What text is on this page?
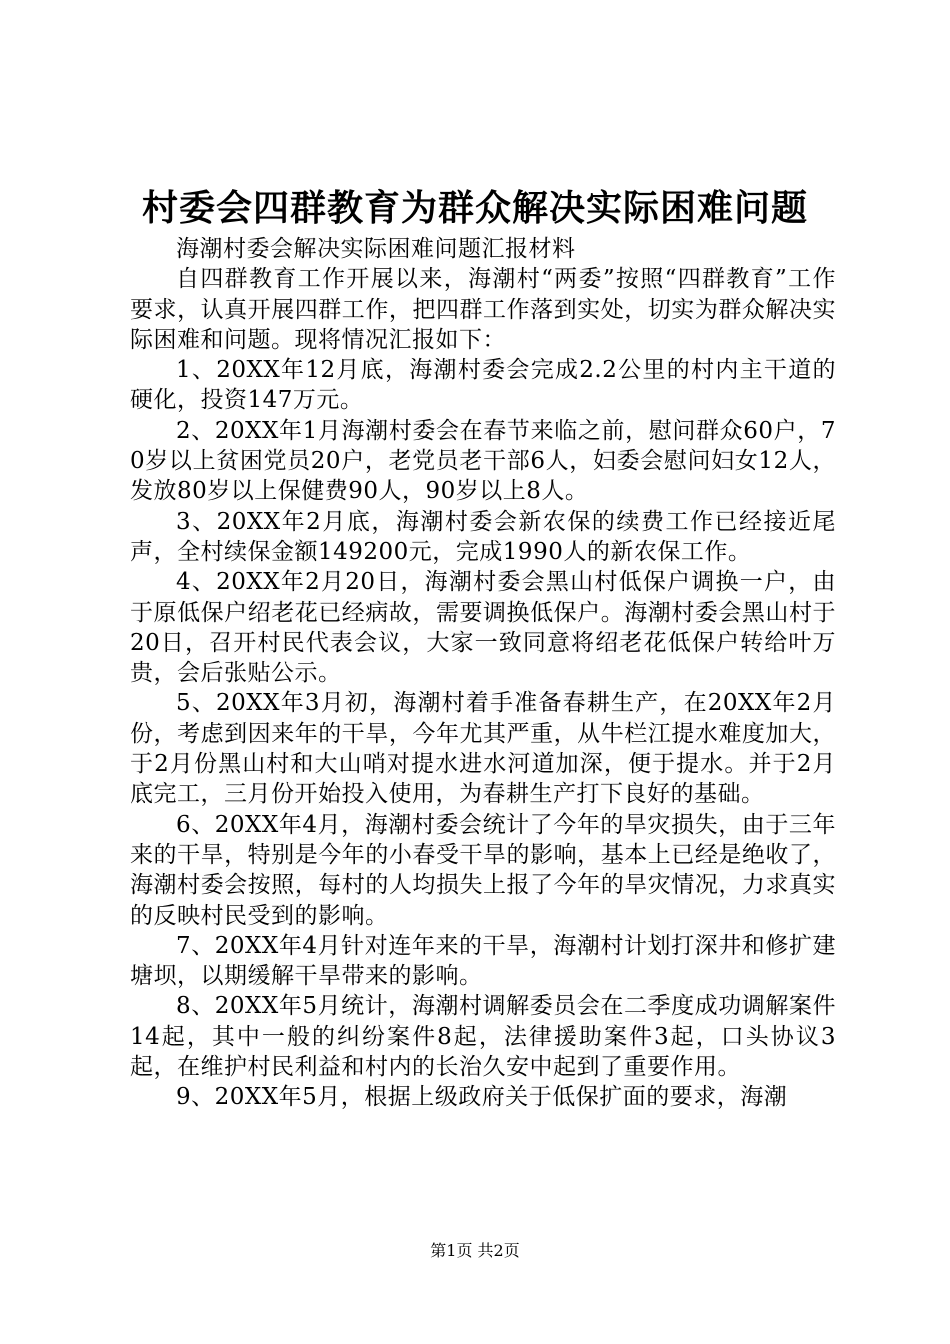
村委会四群教育为群众解决实际困难问题

海潮村委会解决实际困难问题汇报材料

自四群教育工作开展以来，海潮村“两委”按照“四群教育”工作要求，认真开展四群工作，把四群工作落到实处，切实为群众解决实际困难和问题。现将情况汇报如下：

1、20XX年12月底，海潮村委会完成2.2公里的村内主干道的硬化，投资147万元。

2、20XX年1月海潮村委会在春节来临之前，慰问群众60户，70岁以上贫困党员20户，老党员老干部6人，妇委会慰问妇女12人，发放80岁以上保健费90人，90岁以上8人。

3、20XX年2月底，海潮村委会新农保的续费工作已经接近尾声，全村续保金额149200元，完成1990人的新农保工作。

4、20XX年2月20日，海潮村委会黑山村低保户调换一户，由于原低保户绍老花已经病故，需要调换低保户。海潮村委会黑山村于20日，召开村民代表会议，大家一致同意将绍老花低保户转给叶万贵，会后张贴公示。

5、20XX年3月初，海潮村着手准备春耕生产，在20XX年2月份，考虑到因来年的干旱，今年尤其严重，从牛栏江提水难度加大，于2月份黑山村和大山哨对提水进水河道加深，便于提水。并于2月底完工，三月份开始投入使用，为春耕生产打下良好的基础。

6、20XX年4月，海潮村委会统计了今年的旱灾损失，由于三年来的干旱，特别是今年的小春受干旱的影响，基本上已经是绝收了，海潮村委会按照，每村的人均损失上报了今年的旱灾情况，力求真实的反映村民受到的影响。

7、20XX年4月针对连年来的干旱，海潮村计划打深井和修扩建塘坝，以期缓解干旱带来的影响。

8、20XX年5月统计，海潮村调解委员会在二季度成功调解案件14起，其中一般的纠纷案件8起，法律援助案件3起，口头协议3起，在维护村民利益和村内的长治久安中起到了重要作用。

9、20XX年5月，根据上级政府关于低保扩面的要求，海潮

第1页 共2页
